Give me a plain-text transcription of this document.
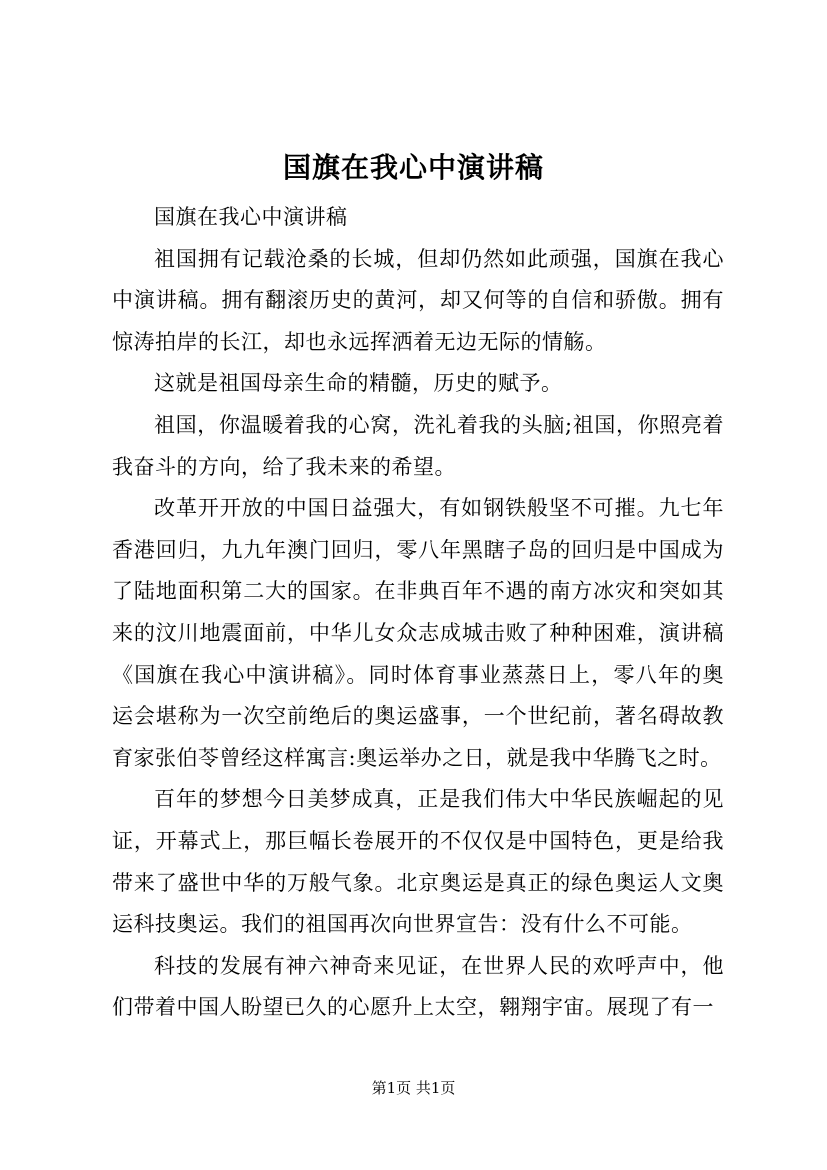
国旗在我心中演讲稿

国旗在我心中演讲稿

祖国拥有记载沧桑的长城，但却仍然如此顽强，国旗在我心中演讲稿。拥有翻滚历史的黄河，却又何等的自信和骄傲。拥有惊涛拍岸的长江，却也永远挥洒着无边无际的情觞。

这就是祖国母亲生命的精髓，历史的赋予。

祖国，你温暖着我的心窝，洗礼着我的头脑;祖国，你照亮着我奋斗的方向，给了我未来的希望。

改革开开放的中国日益强大，有如钢铁般坚不可摧。九七年香港回归，九九年澳门回归，零八年黑瞎子岛的回归是中国成为了陆地面积第二大的国家。在非典百年不遇的南方冰灾和突如其来的汶川地震面前，中华儿女众志成城击败了种种困难，演讲稿《国旗在我心中演讲稿》。同时体育事业蒸蒸日上，零八年的奥运会堪称为一次空前绝后的奥运盛事，一个世纪前，著名碍故教育家张伯苓曾经这样寓言:奥运举办之日，就是我中华腾飞之时。

百年的梦想今日美梦成真，正是我们伟大中华民族崛起的见证，开幕式上，那巨幅长卷展开的不仅仅是中国特色，更是给我带来了盛世中华的万般气象。北京奥运是真正的绿色奥运人文奥运科技奥运。我们的祖国再次向世界宣告：没有什么不可能。

科技的发展有神六神奇来见证，在世界人民的欢呼声中，他们带着中国人盼望已久的心愿升上太空，翱翔宇宙。展现了有一

第1页 共1页
